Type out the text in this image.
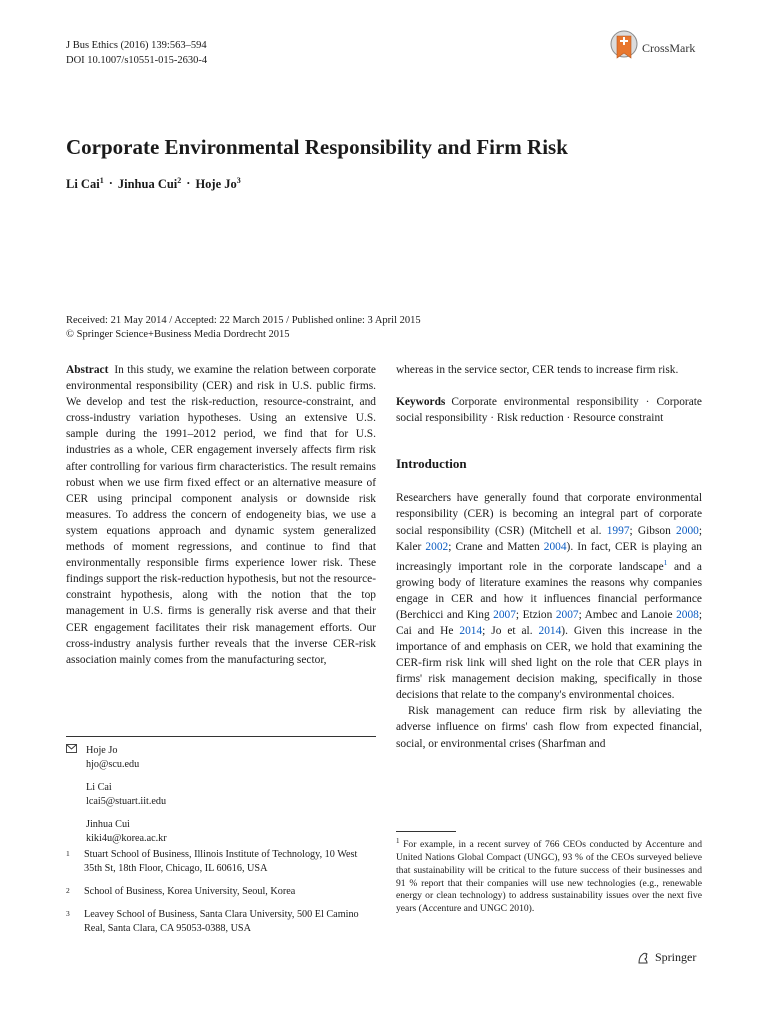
J Bus Ethics (2016) 139:563–594
DOI 10.1007/s10551-015-2630-4
CrossMark
Corporate Environmental Responsibility and Firm Risk
Li Cai$^1$ · Jinhua Cui$^2$ · Hoje Jo$^3$
Received: 21 May 2014 / Accepted: 22 March 2015 / Published online: 3 April 2015
© Springer Science+Business Media Dordrecht 2015

Abstract In this study, we examine the relation between corporate environmental responsibility (CER) and risk in U.S. public firms. We develop and test the risk-reduction, resource-constraint, and cross-industry variation hypotheses. Using an extensive U.S. sample during the 1991–2012 period, we find that for U.S. industries as a whole, CER engagement inversely affects firm risk after controlling for various firm characteristics. The result remains robust when we use firm fixed effect or an alternative measure of CER using principal component analysis or downside risk measures. To address the concern of endogeneity bias, we use a system equations approach and dynamic system generalized methods of moment regressions, and continue to find that environmentally responsible firms experience lower risk. These findings support the risk-reduction hypothesis, but not the resource-constraint hypothesis, along with the notion that the top management in U.S. firms is generally risk averse and that their CER engagement facilitates their risk management efforts. Our cross-industry analysis further reveals that the inverse CER-risk association mainly comes from the manufacturing sector,

Hoje Jo
hjo@scu.edu
Li Cai
lcai5@stuart.iit.edu
Jinhua Cui
kiki4u@korea.ac.kr
1	Stuart School of Business, Illinois Institute of Technology, 10 West 35th St, 18th Floor, Chicago, IL 60616, USA
2	School of Business, Korea University, Seoul, Korea
3	Leavey School of Business, Santa Clara University, 500 El Camino Real, Santa Clara, CA 95053-0388, USA

whereas in the service sector, CER tends to increase firm risk.

Keywords Corporate environmental responsibility · Corporate social responsibility · Risk reduction · Resource constraint

Introduction

Researchers have generally found that corporate environmental responsibility (CER) is becoming an integral part of corporate social responsibility (CSR) (Mitchell et al. 1997; Gibson 2000; Kaler 2002; Crane and Matten 2004). In fact, CER is playing an increasingly important role in the corporate landscape$^1$ and a growing body of literature examines the reasons why companies engage in CER and how it influences financial performance (Berchicci and King 2007; Etzion 2007; Ambec and Lanoie 2008; Cai and He 2014; Jo et al. 2014). Given this increase in the importance of and emphasis on CER, we hold that examining the CER-firm risk link will shed light on the role that CER plays in firms' risk management decision making, specifically in those decisions that relate to the company's environmental choices.

Risk management can reduce firm risk by alleviating the adverse influence on firms' cash flow from expected financial, social, or environmental crises (Sharfman and

$^1$ For example, in a recent survey of 766 CEOs conducted by Accenture and United Nations Global Compact (UNGC), 93 % of the CEOs surveyed believe that sustainability will be critical to the future success of their businesses and 91 % report that their companies will use new technologies (e.g., renewable energy or clean technology) to address sustainability issues over the next five years (Accenture and UNGC 2010).
Springer
